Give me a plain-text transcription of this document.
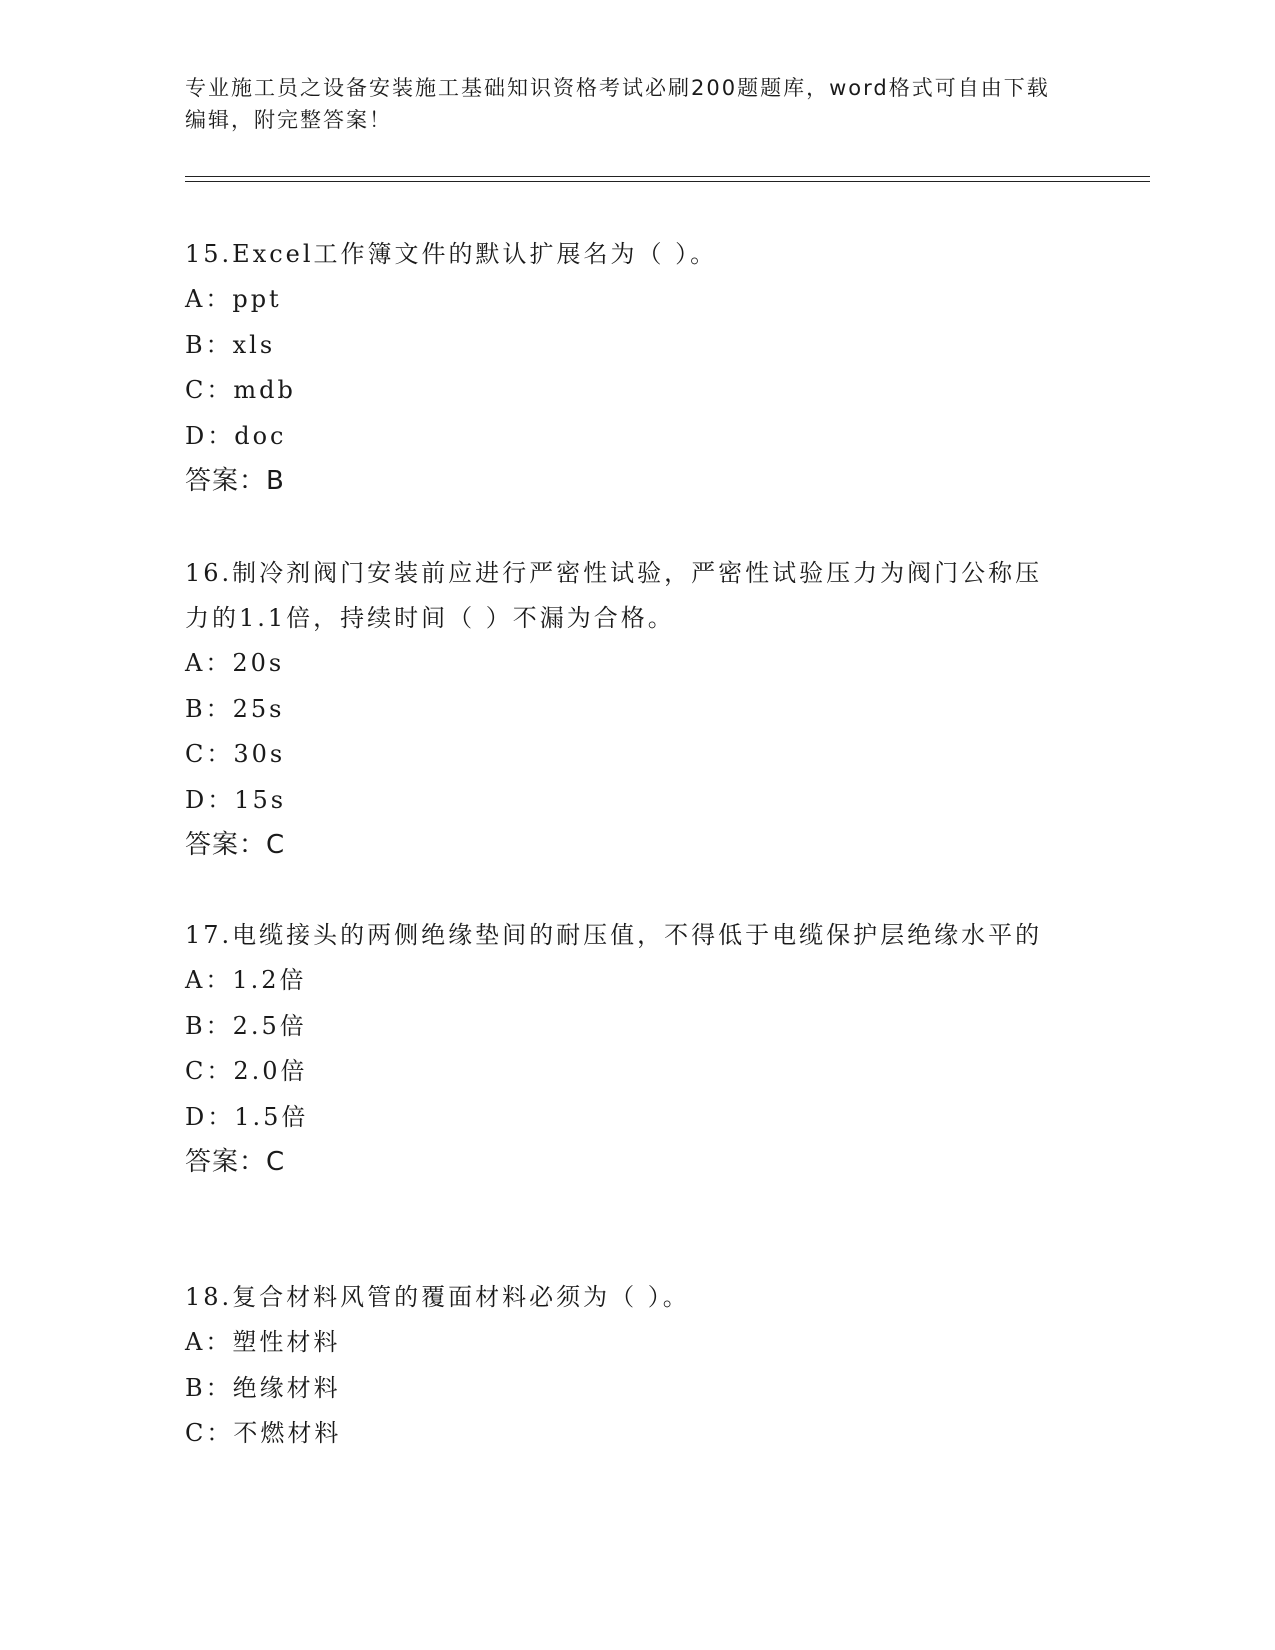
专业施工员之设备安装施工基础知识资格考试必刷200题题库，word格式可自由下载编辑，附完整答案！

15.Excel工作簿文件的默认扩展名为（ ）。

A：ppt

B：xls

C：mdb

D：doc

答案：B

16.制冷剂阀门安装前应进行严密性试验，严密性试验压力为阀门公称压力的1.1倍，持续时间（ ）不漏为合格。

A：20s

B：25s

C：30s

D：15s

答案：C

17.电缆接头的两侧绝缘垫间的耐压值，不得低于电缆保护层绝缘水平的

A：1.2倍

B：2.5倍

C：2.0倍

D：1.5倍

答案：C

18.复合材料风管的覆面材料必须为（ ）。

A：塑性材料

B：绝缘材料

C：不燃材料
